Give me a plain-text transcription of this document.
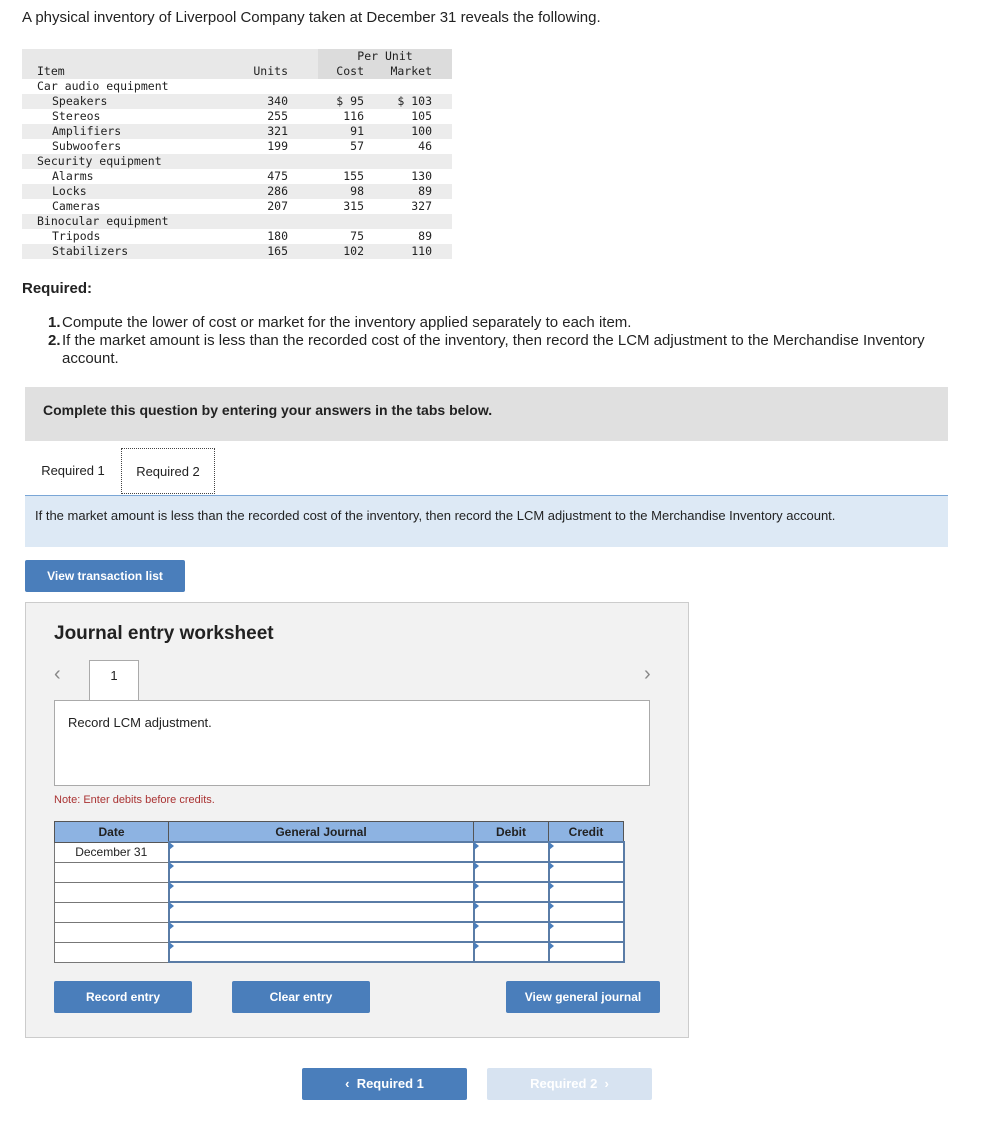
A physical inventory of Liverpool Company taken at December 31 reveals the following.
Per Unit
Item	Units	Cost Market
Car audio equipment
Speakers	340	$ 95	$ 103
Stereos	255	116	105
Amplifiers	321	91	100
Subwoofers	199	57	46
Security equipment
Alarms	475	155	130
Locks	286	98	89
Cameras	207	315	327
Binocular equipment
Tripods	180	75	89
Stabilizers	165	102	110
Required:
1. Compute the lower of cost or market for the inventory applied separately to each item.
2. If the market amount is less than the recorded cost of the inventory, then record the LCM adjustment to the Merchandise Inventory account.
Complete this question by entering your answers in the tabs below.
Required 1	Required 2
If the market amount is less than the recorded cost of the inventory, then record the LCM adjustment to the Merchandise Inventory account.
View transaction list
Journal entry worksheet
‹	›
1
Record LCM adjustment.
Note: Enter debits before credits.
Date	General Journal	Debit	Credit
December 31			

Record entry	Clear entry	View general journal
‹  Required 1	Required 2  ›
